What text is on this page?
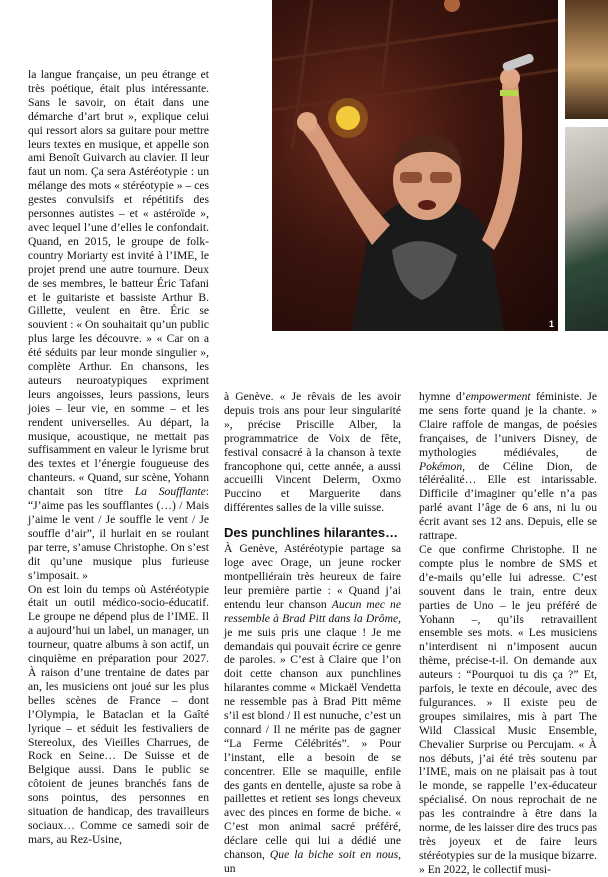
1

la langue française, un peu étrange et très poétique, était plus intéressante. Sans le savoir, on était dans une démarche d’art brut », explique celui qui ressort alors sa guitare pour mettre leurs textes en musique, et appelle son ami Benoît Guivarch au clavier. Il leur faut un nom. Ça sera Astéréotypie : un mélange des mots « stéréotypie » – ces gestes convulsifs et répétitifs des personnes autistes – et « astéroïde », avec lequel l’une d’elles le confondait. Quand, en 2015, le groupe de folk-country Moriarty est invité à l’IME, le projet prend une autre tournure. Deux de ses membres, le batteur Éric Tafani et le guitariste et bassiste Arthur B. Gillette, veulent en être. Éric se souvient : « On souhaitait qu’un public plus large les découvre. » « Car on a été séduits par leur monde singulier », complète Arthur. En chansons, les auteurs neuroatypiques expriment leurs angoisses, leurs passions, leurs joies – leur vie, en somme – et les rendent universelles. Au départ, la musique, acoustique, ne mettait pas suffisamment en valeur le lyrisme brut des textes et l’énergie fougueuse des chanteurs. « Quand, sur scène, Yohann chantait son titre La Soufflante: “J’aime pas les soufflantes (…) / Mais j’aime le vent / Je souffle le vent / Je souffle d’air”, il hurlait en se roulant par terre, s’amuse Christophe. On s’est dit qu’une musique plus furieuse s’imposait. »

On est loin du temps où Astéréotypie était un outil médico-socio-éducatif. Le groupe ne dépend plus de l’IME. Il a aujourd’hui un label, un manager, un tourneur, quatre albums à son actif, un cinquième en préparation pour 2027. À raison d’une trentaine de dates par an, les musiciens ont joué sur les plus belles scènes de France – dont l’Olympia, le Bataclan et la Gaîté lyrique – et séduit les festivaliers de Stereolux, des Vieilles Charrues, de Rock en Seine… De Suisse et de Belgique aussi. Dans le public se côtoient de jeunes branchés fans de sons pointus, des personnes en situation de handicap, des travailleurs sociaux… Comme ce samedi soir de mars, au Rez-Usine,

à Genève. « Je rêvais de les avoir depuis trois ans pour leur singularité », précise Priscille Alber, la programmatrice de Voix de fête, festival consacré à la chanson à texte francophone qui, cette année, a aussi accueilli Vincent Delerm, Oxmo Puccino et Marguerite dans différentes salles de la ville suisse.

Des punchlines hilarantes…

À Genève, Astéréotypie partage sa loge avec Orage, un jeune rocker montpelliérain très heureux de faire leur première partie : « Quand j’ai entendu leur chanson Aucun mec ne ressemble à Brad Pitt dans la Drôme, je me suis pris une claque ! Je me demandais qui pouvait écrire ce genre de paroles. » C’est à Claire que l’on doit cette chanson aux punchlines hilarantes comme « Mickaël Vendetta ne ressemble pas à Brad Pitt même s’il est blond / Il est nunuche, c’est un connard / Il ne mérite pas de gagner “La Ferme Célébrités”. » Pour l’instant, elle a besoin de se concentrer. Elle se maquille, enfile des gants en dentelle, ajuste sa robe à paillettes et retient ses longs cheveux avec des pinces en forme de biche. « C’est mon animal sacré préféré, déclare celle qui lui a dédié une chanson, Que la biche soit en nous, un

hymne d’empowerment féministe. Je me sens forte quand je la chante. » Claire raffole de mangas, de poésies françaises, de l’univers Disney, de mythologies médiévales, de Pokémon, de Céline Dion, de téléréalité… Elle est intarissable. Difficile d’imaginer qu’elle n’a pas parlé avant l’âge de 6 ans, ni lu ou écrit avant ses 12 ans. Depuis, elle se rattrape.

Ce que confirme Christophe. Il ne compte plus le nombre de SMS et d’e-mails qu’elle lui adresse. C’est souvent dans le train, entre deux parties de Uno – le jeu préféré de Yohann –, qu’ils retravaillent ensemble ses mots. « Les musiciens n’interdisent ni n’imposent aucun thème, précise-t-il. On demande aux auteurs : “Pourquoi tu dis ça ?” Et, parfois, le texte en découle, avec des fulgurances. » Il existe peu de groupes similaires, mis à part The Wild Classical Music Ensemble, Chevalier Surprise ou Percujam. « À nos débuts, j’ai été très soutenu par l’IME, mais on ne plaisait pas à tout le monde, se rappelle l’ex-éducateur spécialisé. On nous reprochait de ne pas les contraindre à être dans la norme, de les laisser dire des trucs pas très joyeux et de faire leurs stéréotypies sur de la musique bizarre. » En 2022, le collectif musi-
